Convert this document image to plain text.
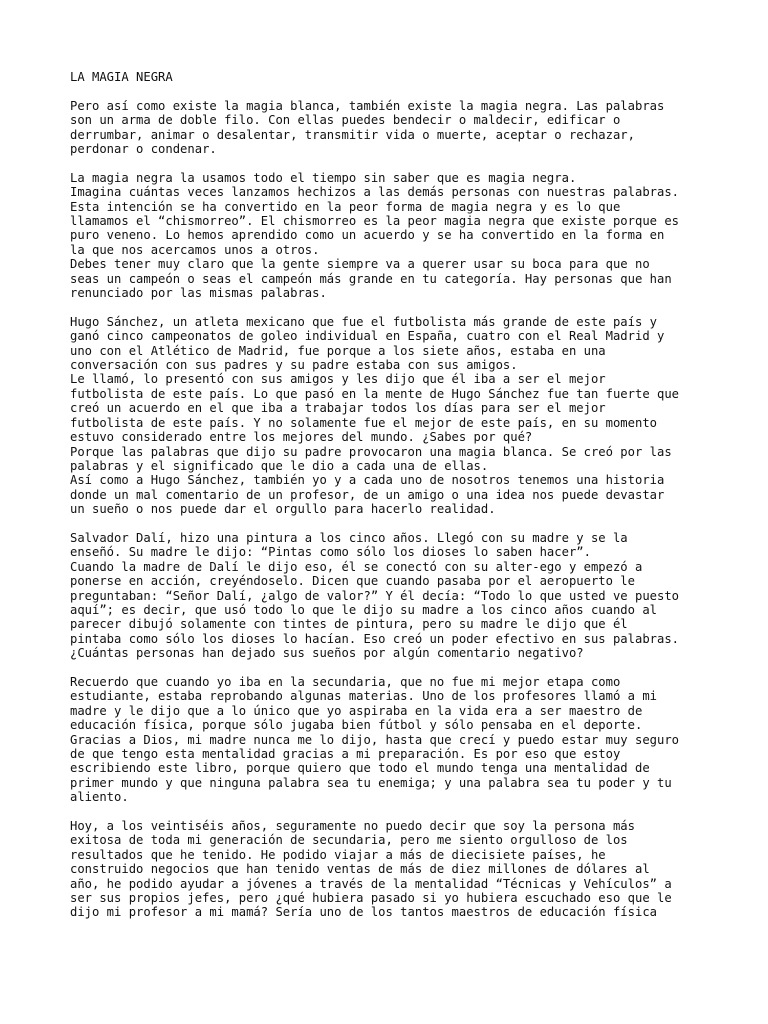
LA MAGIA NEGRA

Pero así como existe la magia blanca, también existe la magia negra. Las palabras
son un arma de doble filo. Con ellas puedes bendecir o maldecir, edificar o
derrumbar, animar o desalentar, transmitir vida o muerte, aceptar o rechazar,
perdonar o condenar.

La magia negra la usamos todo el tiempo sin saber que es magia negra.
Imagina cuántas veces lanzamos hechizos a las demás personas con nuestras palabras.
Esta intención se ha convertido en la peor forma de magia negra y es lo que
llamamos el “chismorreo”. El chismorreo es la peor magia negra que existe porque es
puro veneno. Lo hemos aprendido como un acuerdo y se ha convertido en la forma en
la que nos acercamos unos a otros.
Debes tener muy claro que la gente siempre va a querer usar su boca para que no
seas un campeón o seas el campeón más grande en tu categoría. Hay personas que han
renunciado por las mismas palabras.

Hugo Sánchez, un atleta mexicano que fue el futbolista más grande de este país y
ganó cinco campeonatos de goleo individual en España, cuatro con el Real Madrid y
uno con el Atlético de Madrid, fue porque a los siete años, estaba en una
conversación con sus padres y su padre estaba con sus amigos.
Le llamó, lo presentó con sus amigos y les dijo que él iba a ser el mejor
futbolista de este país. Lo que pasó en la mente de Hugo Sánchez fue tan fuerte que
creó un acuerdo en el que iba a trabajar todos los días para ser el mejor
futbolista de este país. Y no solamente fue el mejor de este país, en su momento
estuvo considerado entre los mejores del mundo. ¿Sabes por qué?
Porque las palabras que dijo su padre provocaron una magia blanca. Se creó por las
palabras y el significado que le dio a cada una de ellas.
Así como a Hugo Sánchez, también yo y a cada uno de nosotros tenemos una historia
donde un mal comentario de un profesor, de un amigo o una idea nos puede devastar
un sueño o nos puede dar el orgullo para hacerlo realidad.

Salvador Dalí, hizo una pintura a los cinco años. Llegó con su madre y se la
enseñó. Su madre le dijo: “Pintas como sólo los dioses lo saben hacer”.
Cuando la madre de Dalí le dijo eso, él se conectó con su alter-ego y empezó a
ponerse en acción, creyéndoselo. Dicen que cuando pasaba por el aeropuerto le
preguntaban: “Señor Dalí, ¿algo de valor?” Y él decía: “Todo lo que usted ve puesto
aquí”; es decir, que usó todo lo que le dijo su madre a los cinco años cuando al
parecer dibujó solamente con tintes de pintura, pero su madre le dijo que él
pintaba como sólo los dioses lo hacían. Eso creó un poder efectivo en sus palabras.
¿Cuántas personas han dejado sus sueños por algún comentario negativo?

Recuerdo que cuando yo iba en la secundaria, que no fue mi mejor etapa como
estudiante, estaba reprobando algunas materias. Uno de los profesores llamó a mi
madre y le dijo que a lo único que yo aspiraba en la vida era a ser maestro de
educación física, porque sólo jugaba bien fútbol y sólo pensaba en el deporte.
Gracias a Dios, mi madre nunca me lo dijo, hasta que crecí y puedo estar muy seguro
de que tengo esta mentalidad gracias a mi preparación. Es por eso que estoy
escribiendo este libro, porque quiero que todo el mundo tenga una mentalidad de
primer mundo y que ninguna palabra sea tu enemiga; y una palabra sea tu poder y tu
aliento.

Hoy, a los veintiséis años, seguramente no puedo decir que soy la persona más
exitosa de toda mi generación de secundaria, pero me siento orgulloso de los
resultados que he tenido. He podido viajar a más de diecisiete países, he
construido negocios que han tenido ventas de más de diez millones de dólares al
año, he podido ayudar a jóvenes a través de la mentalidad “Técnicas y Vehículos” a
ser sus propios jefes, pero ¿qué hubiera pasado si yo hubiera escuchado eso que le
dijo mi profesor a mi mamá? Sería uno de los tantos maestros de educación física
